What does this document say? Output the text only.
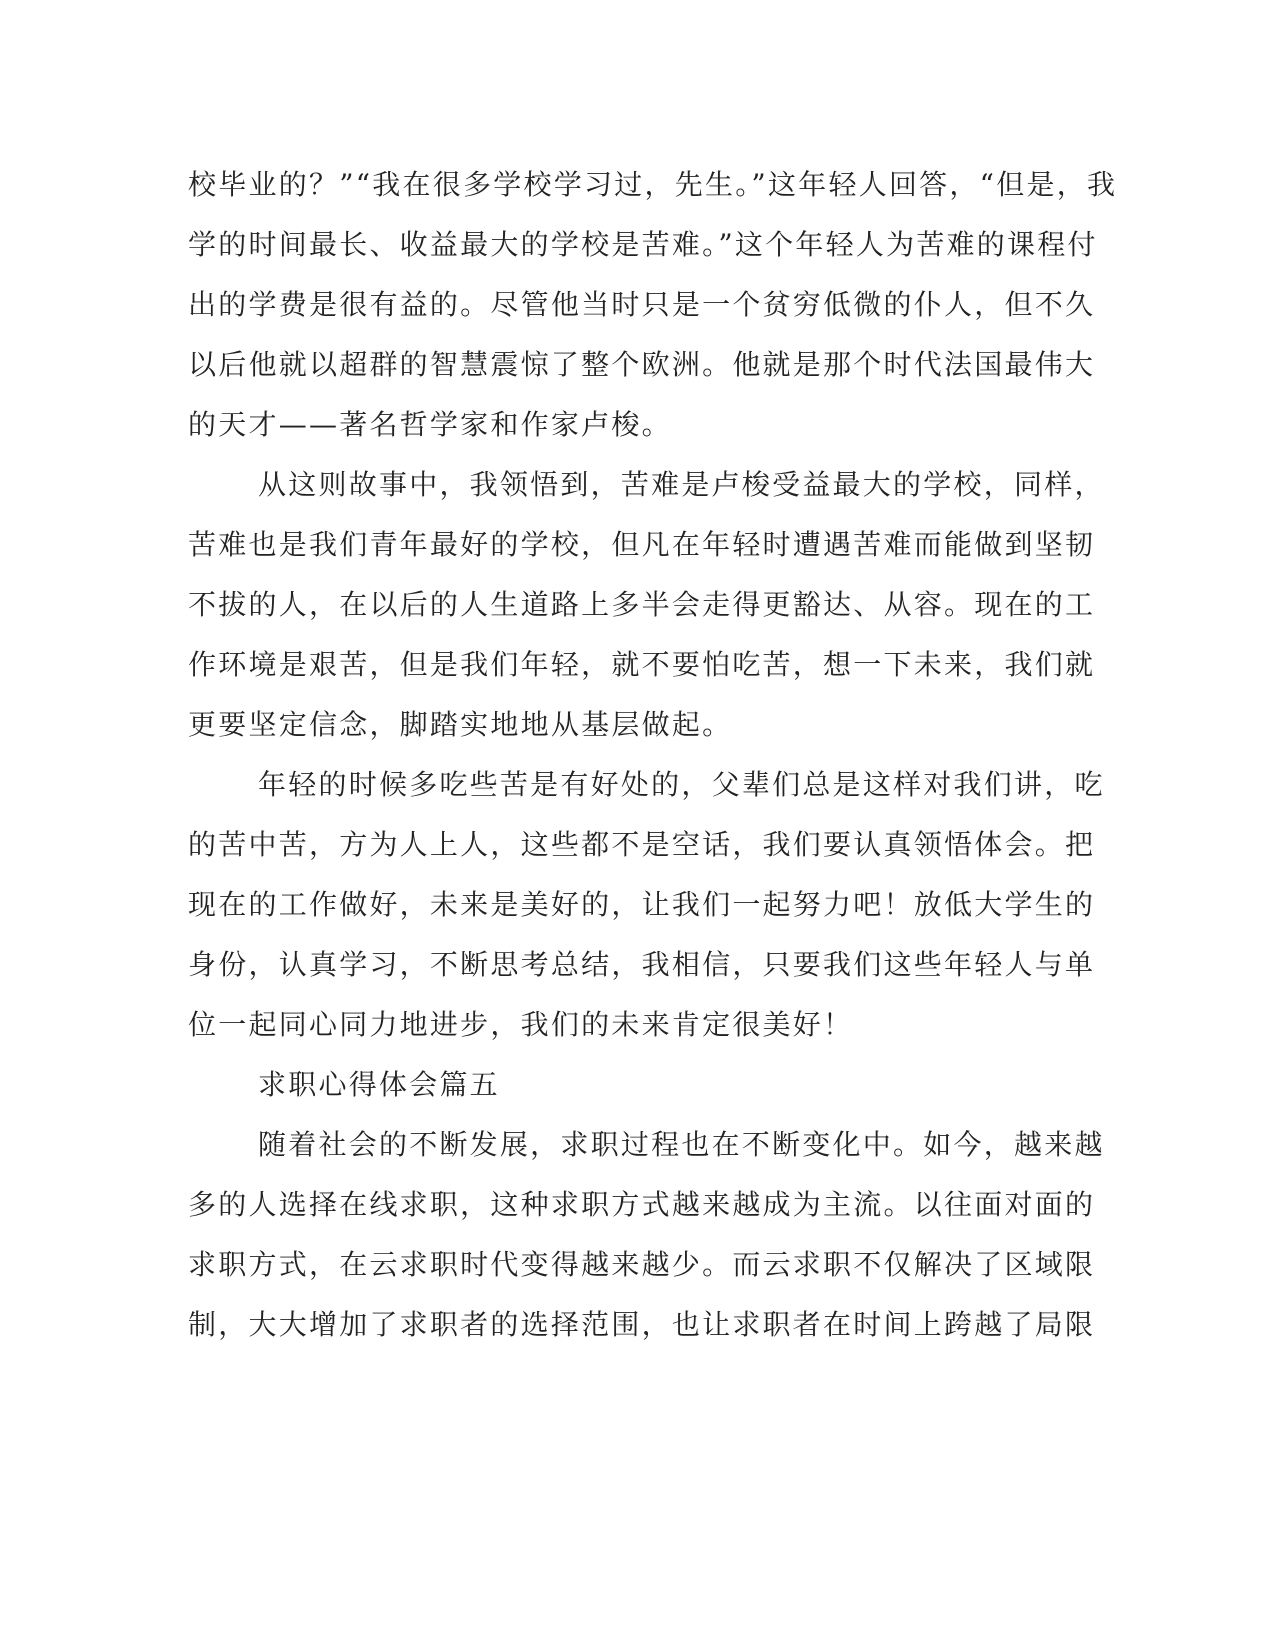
校毕业的？”“我在很多学校学习过，先生。”这年轻人回答，“但是，我
学的时间最长、收益最大的学校是苦难。”这个年轻人为苦难的课程付
出的学费是很有益的。尽管他当时只是一个贫穷低微的仆人，但不久
以后他就以超群的智慧震惊了整个欧洲。他就是那个时代法国最伟大
的天才——著名哲学家和作家卢梭。
从这则故事中，我领悟到，苦难是卢梭受益最大的学校，同样，
苦难也是我们青年最好的学校，但凡在年轻时遭遇苦难而能做到坚韧
不拔的人，在以后的人生道路上多半会走得更豁达、从容。现在的工
作环境是艰苦，但是我们年轻，就不要怕吃苦，想一下未来，我们就
更要坚定信念，脚踏实地地从基层做起。
年轻的时候多吃些苦是有好处的，父辈们总是这样对我们讲，吃
的苦中苦，方为人上人，这些都不是空话，我们要认真领悟体会。把
现在的工作做好，未来是美好的，让我们一起努力吧！放低大学生的
身份，认真学习，不断思考总结，我相信，只要我们这些年轻人与单
位一起同心同力地进步，我们的未来肯定很美好！
求职心得体会篇五
随着社会的不断发展，求职过程也在不断变化中。如今，越来越
多的人选择在线求职，这种求职方式越来越成为主流。以往面对面的
求职方式，在云求职时代变得越来越少。而云求职不仅解决了区域限
制，大大增加了求职者的选择范围，也让求职者在时间上跨越了局限
